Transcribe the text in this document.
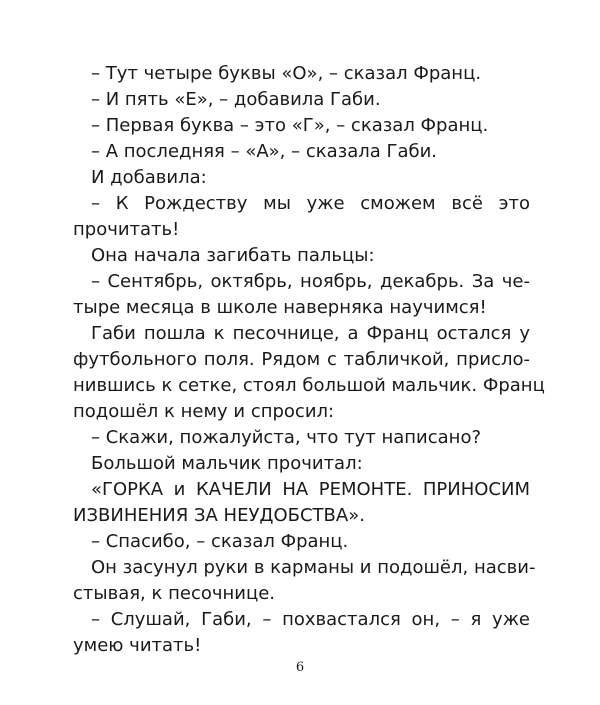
– Тут четыре буквы «О», – сказал Франц.

– И пять «Е», – добавила Габи.

– Первая буква – это «Г», – сказал Франц.

– А последняя – «А», – сказала Габи.

И добавила:

– К Рождеству мы уже сможем всё это

прочитать!

Она начала загибать пальцы:

– Сентябрь, октябрь, ноябрь, декабрь. За че-

тыре месяца в школе наверняка научимся!

Габи пошла к песочнице, а Франц остался у

футбольного поля. Рядом с табличкой, присло-

нившись к сетке, стоял большой мальчик. Франц

подошёл к нему и спросил:

– Скажи, пожалуйста, что тут написано?

Большой мальчик прочитал:

«ГОРКА и КАЧЕЛИ НА РЕМОНТЕ. ПРИНОСИМ

ИЗВИНЕНИЯ ЗА НЕУДОБСТВА».

– Спасибо, – сказал Франц.

Он засунул руки в карманы и подошёл, насви-

стывая, к песочнице.

– Слушай, Габи, – похвастался он, – я уже

умею читать!

6
